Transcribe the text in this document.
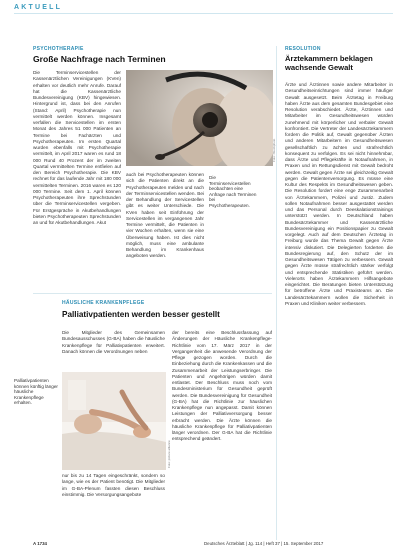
AKTUELL
PSYCHOTHERAPIE
Große Nachfrage nach Terminen

Die Terminservicestellen der Kassenärztlichen Vereinigungen (KVen) erhalten vor deutlich mehr Anrufe. Darauf hat die Kassenärztliche Bundesvereinigung (KBV) hingewiesen. Hintergrund ist, dass bei den Anrufen (Stand: April) Psychotherapie nun vermittelt werden können. Insgesamt verfallen die Servicestellen im ersten Monat des Jahres 51 000 Patienten an Termine bei Fachärzten und Psychotherapeuten. Im ersten Quartal wurden ebenfalls mit Psychotherapie vermittelt, im April 2017 waren es rund 18 000 Rund 40 Prozent der im zweiten Quartal vermittelten Termine entfielen auf den Bereich Psychotherapie. Die KBV rechnet für das laufende Jahr mit 180 000 vermittelten Terminen. 2016 waren es 120 000 Termine. Seit dem 1. April können Psychotherapeuten ihre Sprechstunden über die Terminservicestellen vergeben. Für Erstgespräche in Akutbehandlungen bieten Psychotherapeuten Sprechstunden an und für Akutbehandlungen. Akut

Foto: iStockphoto

auch bei Psychotherapeuten können sich die Patienten direkt an die Psychotherapeuten melden und nach der Terminservicestellen wenden. Bei der Behandlung der Servicestellen gibt es weiter Unterschiede. Die KVen haben seit Einführung der Servicestellen im vergangenen Jahr Termine vermittelt, die Patienten in vier Wochen erhalten, wenn sie eine Überweisung haben. Ist dies nicht möglich, muss eine ambulante Behandlung im Krankenhaus angeboten werden.

Die Terminservicestellen beobachten eine Anfrage nach Terminen bei Psychotherapeuten.
RESOLUTION
Ärztekammern beklagen wachsende Gewalt

Ärzte und Ärztinnen sowie andere Mitarbeiter in Gesundheitseinrichtungen sind immer häufiger Gewalt ausgesetzt. Beim Ärztetag in Freiburg haben Ärzte aus dem gesamten Bundesgebiet eine Resolution verabschiedet. Ärzte, Ärztinnen und Mitarbeiter im Gesundheitswesen würden zunehmend mit körperlicher und verbaler Gewalt konfrontiert. Die Vertreter der Landesärztekammern fordern die Politik auf, Gewalt gegenüber Ärzten und anderen Mitarbeitern im Gesundheitswesen gesellschaftlich zu ächten und strafrechtlich konsequent zu verfolgen. Es sei nicht hinnehmbar, dass Ärzte und Pflegekräfte in Notaufnahmen, in Praxen und im Rettungsdienst mit Gewalt bedroht werden. Gewalt gegen Ärzte sei gleichzeitig Gewalt gegen die Patientenversorgung. Es müsse eine Kultur des Respekts im Gesundheitswesen geben. Die Resolution fordert eine enge Zusammenarbeit von Ärztekammern, Polizei und Justiz. Zudem sollen Notaufnahmen besser ausgestattet werden und das Personal durch Deeskalationstrainings unterstützt werden. In Deutschland haben Bundesärztekammer und Kassenärztliche Bundesvereinigung ein Positionspapier zu Gewalt vorgelegt. Auch auf dem Deutschen Ärztetag in Freiburg wurde das Thema Gewalt gegen Ärzte intensiv diskutiert. Die Delegierten forderten die Bundesregierung auf, den Schutz der im Gesundheitswesen Tätigen zu verbessern. Gewalt gegen Ärzte müsse strafrechtlich stärker verfolgt und entsprechende Statistiken geführt werden. Vielerorts haben Ärztekammern Hilfsangebote eingerichtet. Die Beratungen bieten Unterstützung für betroffene Ärzte und Praxisteams an. Die Landesärztekammern wollen die Sicherheit in Praxen und Kliniken weiter verbessern.

HÄUSLICHE KRANKENPFLEGE
Palliativpatienten werden besser gestellt

Die Mitglieder des Gemeinsamen Bundesausschusses (G-BA) haben die häusliche Krankenpflege für Palliativpatienten erweitert. Danach können die Verordnungen neben

Foto: picture alliance
Palliativpatienten können künftig länger häusliche Krankenpflege erhalten.

nur bis zu 14 Tagen eingeschränkt, sondern so lange, wie es der Patient benötigt. Die Mitglieder im G-BA-Plenum fassten diesen Beschluss einstimmig. Die Versorgungsangebote

der bereits eine Beschlussfassung auf Änderungen der Häusliche Krankenpflege-Richtlinie vom 17. März 2017 in der Vergangenheit die anwesende Verordnung der Pflege gezogen worden. Durch die Einbeziehung durch die Krankenkassen und die Zusammenarbeit der Leistungserbringer. Die Patienten und Angehörigen würden damit entlastet. Der Beschluss muss noch vom Bundesministerium für Gesundheit geprüft werden. Die Bundesvereinigung für Gesundheit (G-BA) hat die Richtlinie zur häuslichen Krankenpflege nun angepasst. Damit können Leistungen der Palliativversorgung besser erbracht werden. Die Ärzte können die häusliche Krankenpflege für Palliativpatienten länger verordnen. Der G-BA hat die Richtlinie entsprechend geändert.

A 1734	Deutsches Ärzteblatt | Jg. 114 | Heft 37 | 15. September 2017
